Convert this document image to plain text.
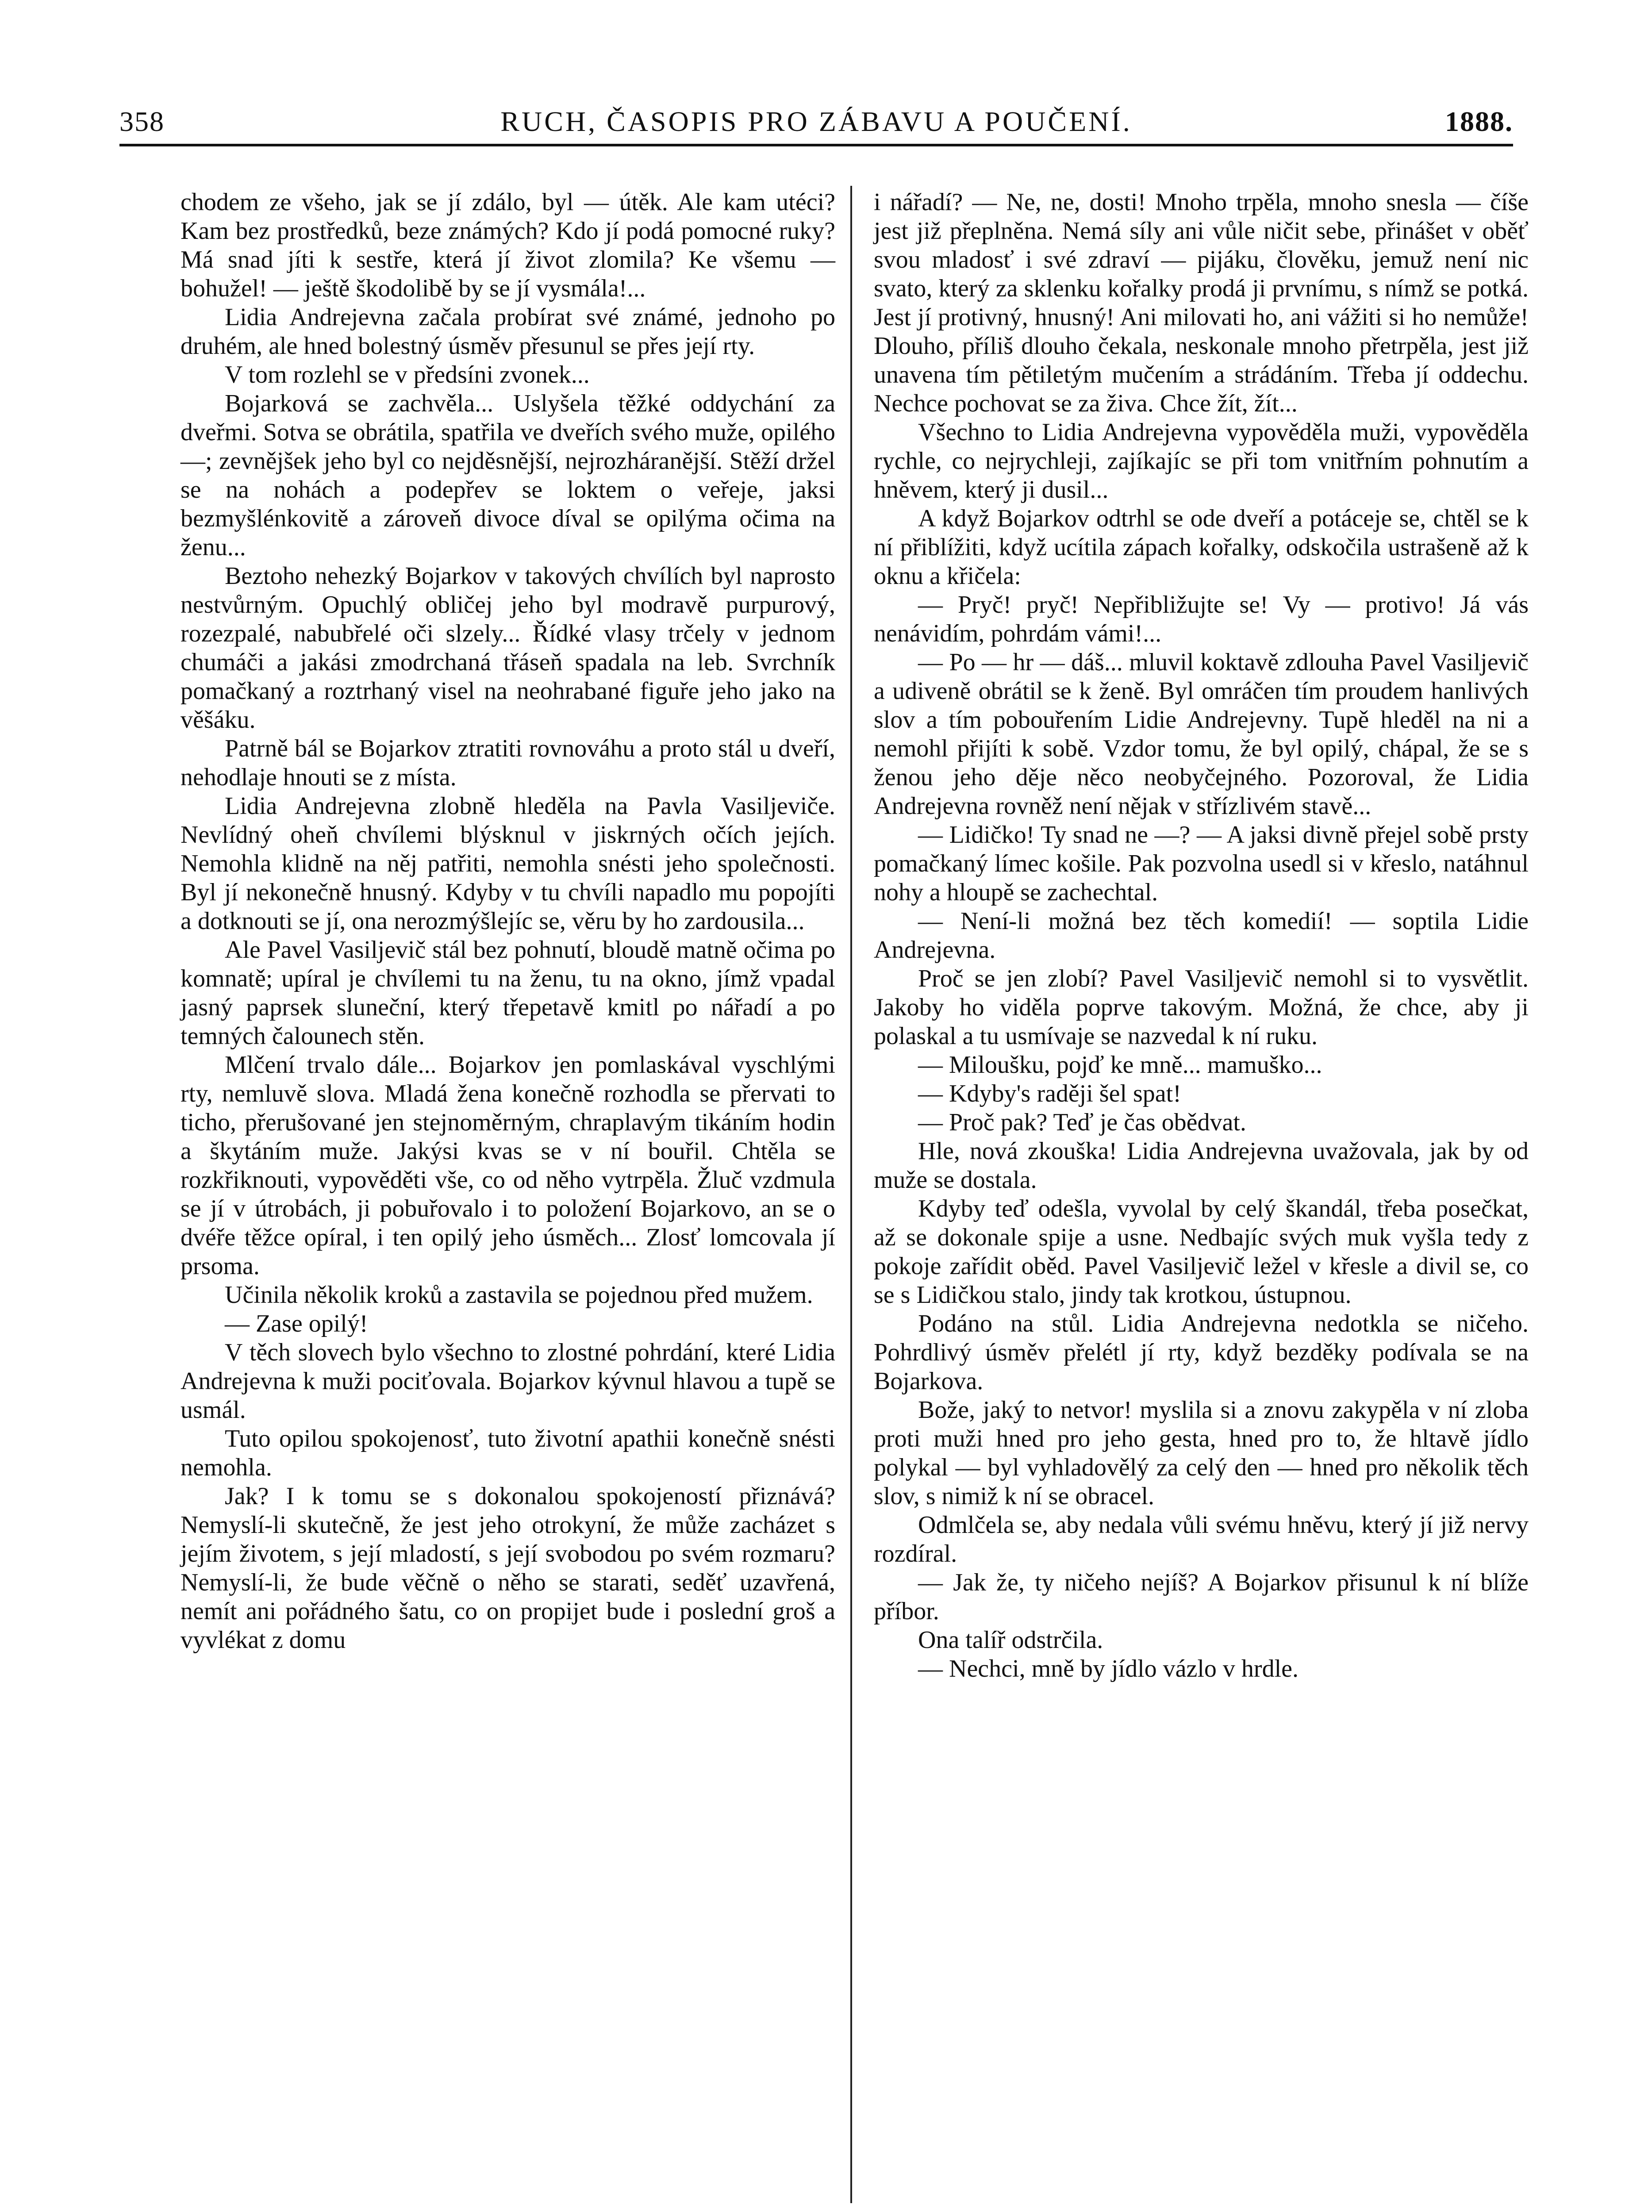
358	RUCH, ČASOPIS PRO ZÁBAVU A POUČENÍ.	1888.

chodem ze všeho, jak se jí zdálo, byl — útěk. Ale kam utéci? Kam bez prostředků, beze známých? Kdo jí podá pomocné ruky? Má snad jíti k sestře, která jí život zlomila? Ke všemu — bohužel! — ještě škodolibě by se jí vysmála!...

Lidia Andrejevna začala probírat své známé, jednoho po druhém, ale hned bolestný úsměv přesunul se přes její rty.

V tom rozlehl se v předsíni zvonek...

Bojarková se zachvěla... Uslyšela těžké oddychání za dveřmi. Sotva se obrátila, spatřila ve dveřích svého muže, opilého —; zevnějšek jeho byl co nejděsnější, nejrozháranější. Stěží držel se na nohách a podepřev se loktem o veřeje, jaksi bezmyšlénkovitě a zároveň divoce díval se opilýma očima na ženu...

Beztoho nehezký Bojarkov v takových chvílích byl naprosto nestvůrným. Opuchlý obličej jeho byl modravě purpurový, rozezpalé, nabubřelé oči slzely... Řídké vlasy trčely v jednom chumáči a jakási zmodrchaná třáseň spadala na leb. Svrchník pomačkaný a roztrhaný visel na neohrabané figuře jeho jako na věšáku.

Patrně bál se Bojarkov ztratiti rovnováhu a proto stál u dveří, nehodlaje hnouti se z místa.

Lidia Andrejevna zlobně hleděla na Pavla Vasiljeviče. Nevlídný oheň chvílemi blýsknul v jiskrných očích jejích. Nemohla klidně na něj patřiti, nemohla snésti jeho společnosti. Byl jí nekonečně hnusný. Kdyby v tu chvíli napadlo mu popojíti a dotknouti se jí, ona nerozmýšlejíc se, věru by ho zardousila...

Ale Pavel Vasiljevič stál bez pohnutí, bloudě matně očima po komnatě; upíral je chvílemi tu na ženu, tu na okno, jímž vpadal jasný paprsek sluneční, který třepetavě kmitl po nářadí a po temných čalounech stěn.

Mlčení trvalo dále... Bojarkov jen pomlaskával vyschlými rty, nemluvě slova. Mladá žena konečně rozhodla se přervati to ticho, přerušované jen stejnoměrným, chraplavým tikáním hodin a škytáním muže. Jakýsi kvas se v ní bouřil. Chtěla se rozkřiknouti, vypověděti vše, co od něho vytrpěla. Žluč vzdmula se jí v útrobách, ji pobuřovalo i to položení Bojarkovo, an se o dvéře těžce opíral, i ten opilý jeho úsměch... Zlosť lomcovala jí prsoma.

Učinila několik kroků a zastavila se pojednou před mužem.

— Zase opilý!

V těch slovech bylo všechno to zlostné pohrdání, které Lidia Andrejevna k muži pociťovala. Bojarkov kývnul hlavou a tupě se usmál.

Tuto opilou spokojenosť, tuto životní apathii konečně snésti nemohla.

Jak? I k tomu se s dokonalou spokojeností přiznává? Nemyslí-li skutečně, že jest jeho otrokyní, že může zacházet s jejím životem, s její mladostí, s její svobodou po svém rozmaru? Nemyslí-li, že bude věčně o něho se starati, seděť uzavřená, nemít ani pořádného šatu, co on propijet bude i poslední groš a vyvlékat z domu

i nářadí? — Ne, ne, dosti! Mnoho trpěla, mnoho snesla — číše jest již přeplněna. Nemá síly ani vůle ničit sebe, přinášet v oběť svou mladosť i své zdraví — pijáku, člověku, jemuž není nic svato, který za sklenku kořalky prodá ji prvnímu, s nímž se potká. Jest jí protivný, hnusný! Ani milovati ho, ani vážiti si ho nemůže! Dlouho, příliš dlouho čekala, neskonale mnoho přetrpěla, jest již unavena tím pětiletým mučením a strádáním. Třeba jí oddechu. Nechce pochovat se za živa. Chce žít, žít...

Všechno to Lidia Andrejevna vypověděla muži, vypověděla rychle, co nejrychleji, zajíkajíc se při tom vnitřním pohnutím a hněvem, který ji dusil...

A když Bojarkov odtrhl se ode dveří a potáceje se, chtěl se k ní přiblížiti, když ucítila zápach kořalky, odskočila ustrašeně až k oknu a křičela:

— Pryč! pryč! Nepřibližujte se! Vy — protivo! Já vás nenávidím, pohrdám vámi!...

— Po — hr — dáš... mluvil koktavě zdlouha Pavel Vasiljevič a udiveně obrátil se k ženě. Byl omráčen tím proudem hanlivých slov a tím pobouřením Lidie Andrejevny. Tupě hleděl na ni a nemohl přijíti k sobě. Vzdor tomu, že byl opilý, chápal, že se s ženou jeho děje něco neobyčejného. Pozoroval, že Lidia Andrejevna rovněž není nějak v střízlivém stavě...

— Lidičko! Ty snad ne —? — A jaksi divně přejel sobě prsty pomačkaný límec košile. Pak pozvolna usedl si v křeslo, natáhnul nohy a hloupě se zachechtal.

— Není-li možná bez těch komedií! — soptila Lidie Andrejevna.

Proč se jen zlobí? Pavel Vasiljevič nemohl si to vysvětlit. Jakoby ho viděla poprve takovým. Možná, že chce, aby ji polaskal a tu usmívaje se nazvedal k ní ruku.

— Miloušku, pojď ke mně... mamuško...

— Kdyby's raději šel spat!

— Proč pak? Teď je čas obědvat.

Hle, nová zkouška! Lidia Andrejevna uvažovala, jak by od muže se dostala.

Kdyby teď odešla, vyvolal by celý škandál, třeba posečkat, až se dokonale spije a usne. Nedbajíc svých muk vyšla tedy z pokoje zařídit oběd. Pavel Vasiljevič ležel v křesle a divil se, co se s Lidičkou stalo, jindy tak krotkou, ústupnou.

Podáno na stůl. Lidia Andrejevna nedotkla se ničeho. Pohrdlivý úsměv přelétl jí rty, když bezděky podívala se na Bojarkova.

Bože, jaký to netvor! myslila si a znovu zakypěla v ní zloba proti muži hned pro jeho gesta, hned pro to, že hltavě jídlo polykal — byl vyhladovělý za celý den — hned pro několik těch slov, s nimiž k ní se obracel.

Odmlčela se, aby nedala vůli svému hněvu, který jí již nervy rozdíral.

— Jak že, ty ničeho nejíš? A Bojarkov přisunul k ní blíže příbor.

Ona talíř odstrčila.

— Nechci, mně by jídlo vázlo v hrdle.
